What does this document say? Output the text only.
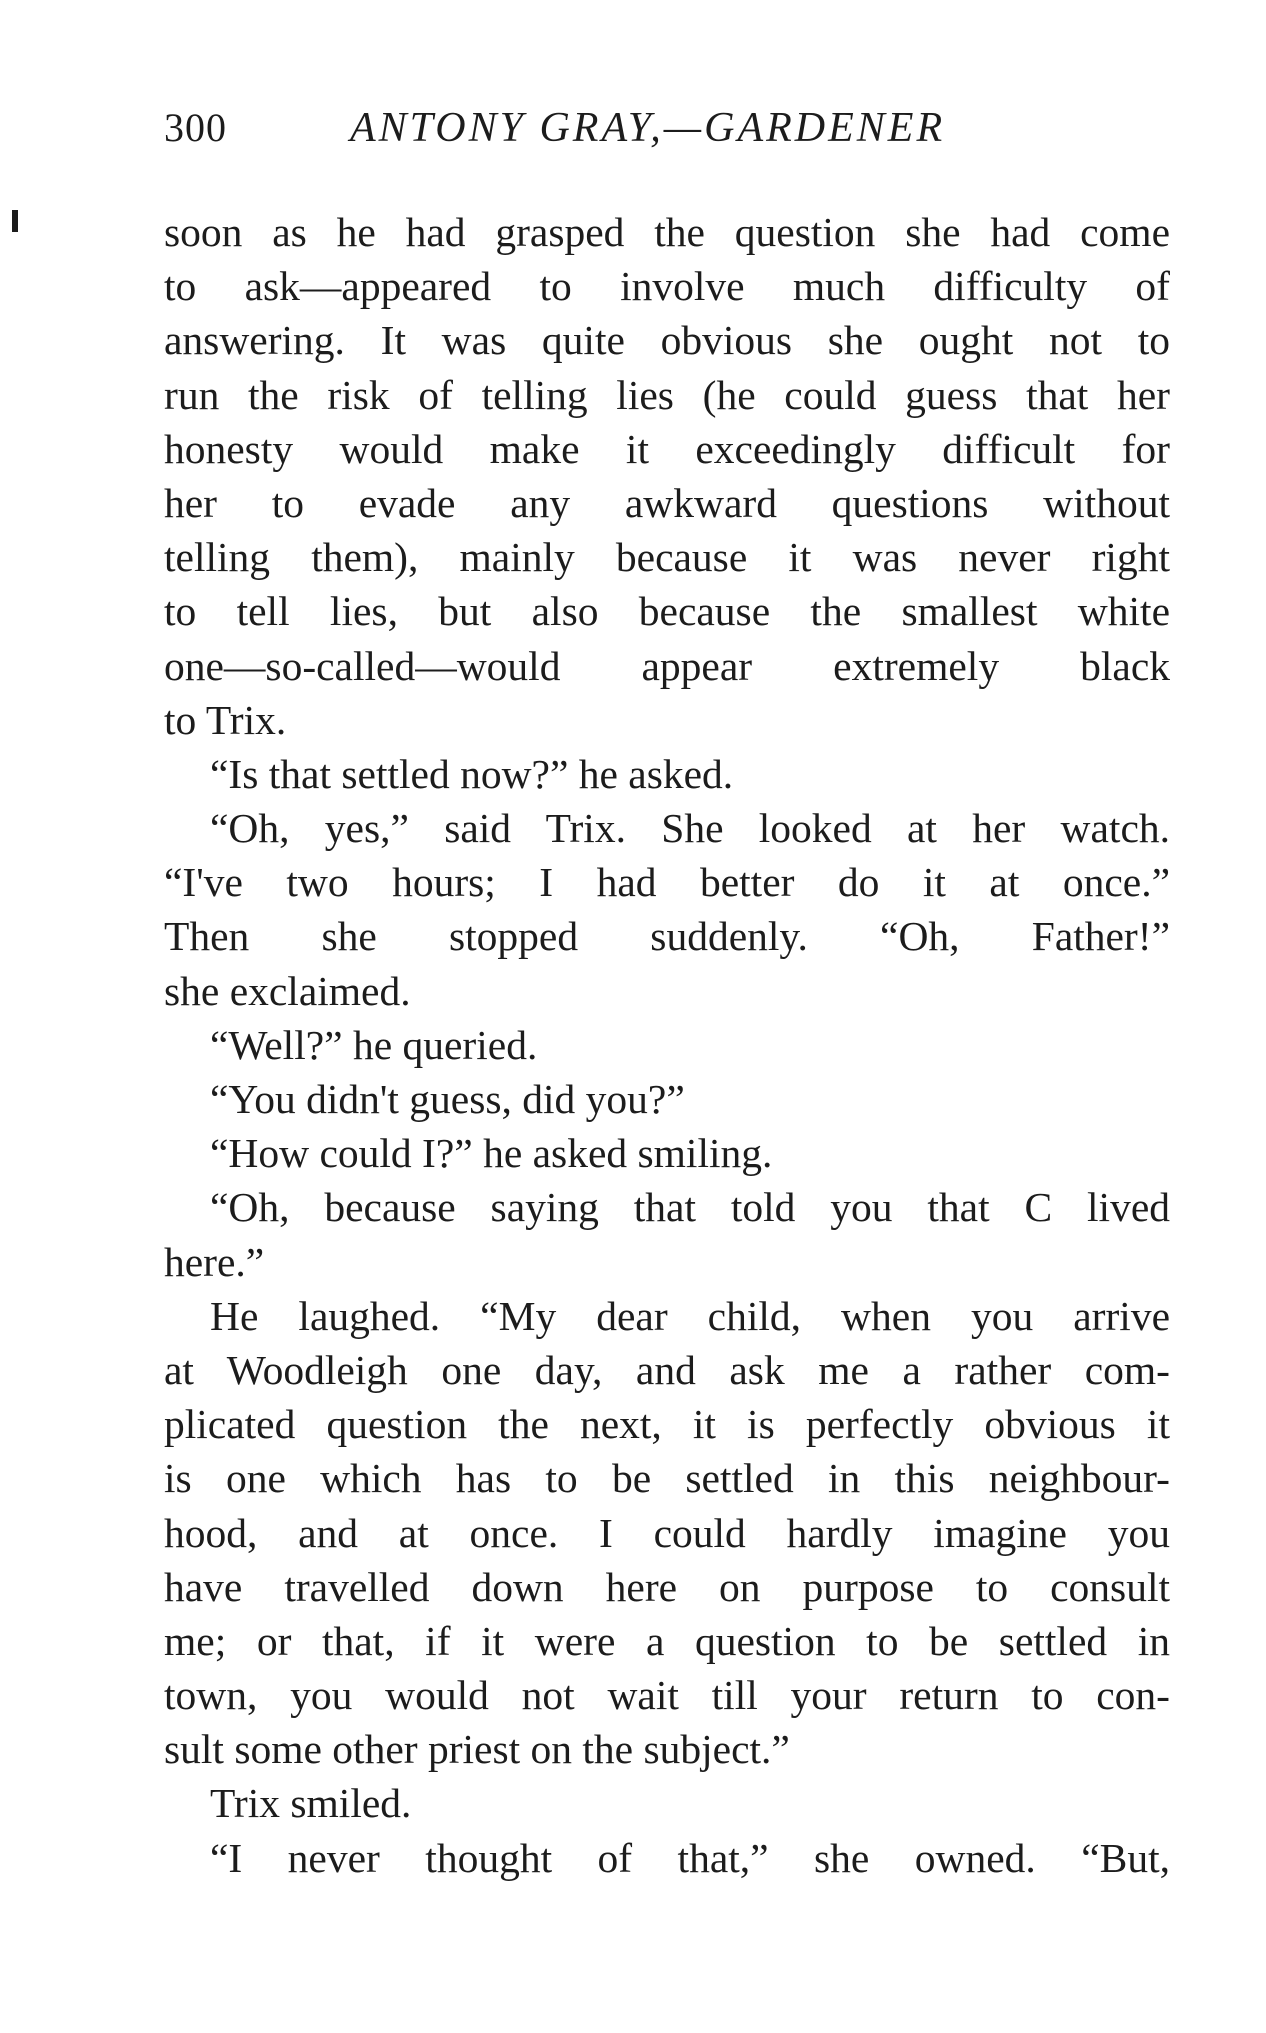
300	ANTONY GRAY,—GARDENER
soon as he had grasped the question she had come
to ask—appeared to involve much difficulty of
answering. It was quite obvious she ought not to
run the risk of telling lies (he could guess that her
honesty would make it exceedingly difficult for
her to evade any awkward questions without
telling them), mainly because it was never right
to tell lies, but also because the smallest white
one—so-called—would appear extremely black
to Trix.
“Is that settled now?” he asked.
“Oh, yes,” said Trix. She looked at her watch.
“I've two hours; I had better do it at once.”
Then she stopped suddenly. “Oh, Father!”
she exclaimed.
“Well?” he queried.
“You didn't guess, did you?”
“How could I?” he asked smiling.
“Oh, because saying that told you that C lived
here.”
He laughed. “My dear child, when you arrive
at Woodleigh one day, and ask me a rather com-
plicated question the next, it is perfectly obvious it
is one which has to be settled in this neighbour-
hood, and at once. I could hardly imagine you
have travelled down here on purpose to consult
me; or that, if it were a question to be settled in
town, you would not wait till your return to con-
sult some other priest on the subject.”
Trix smiled.
“I never thought of that,” she owned. “But,
